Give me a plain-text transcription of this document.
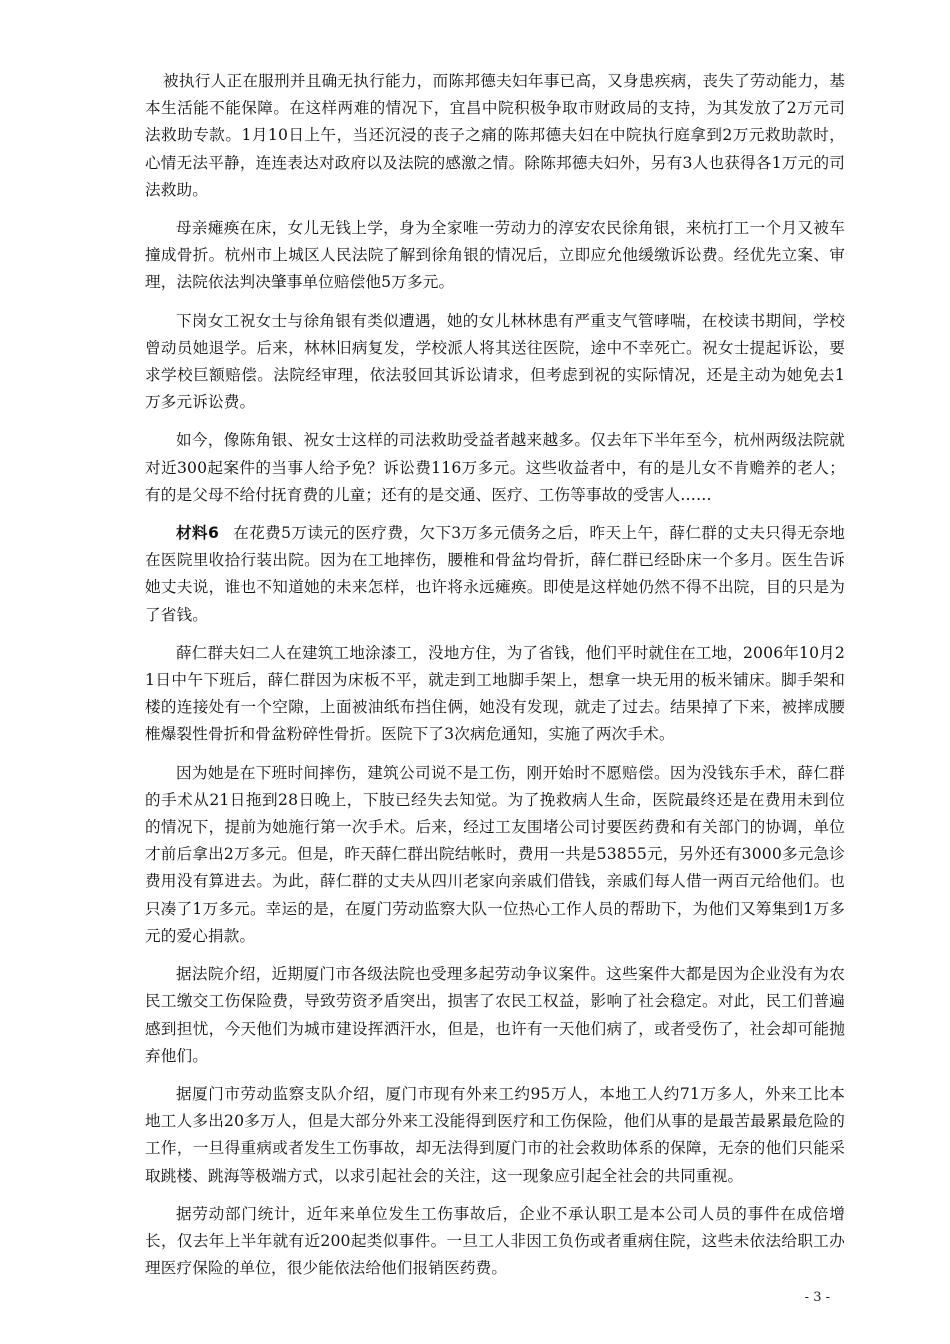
被执行人正在服刑并且确无执行能力，而陈邦德夫妇年事已高，又身患疾病，丧失了劳动能力，基本生活能不能保障。在这样两难的情况下，宜昌中院积极争取市财政局的支持，为其发放了2万元司法救助专款。1月10日上午，当还沉浸的丧子之痛的陈邦德夫妇在中院执行庭拿到2万元救助款时，心情无法平静，连连表达对政府以及法院的感激之情。除陈邦德夫妇外，另有3人也获得各1万元的司法救助。

母亲瘫痪在床，女儿无钱上学，身为全家唯一劳动力的淳安农民徐角银，来杭打工一个月又被车撞成骨折。杭州市上城区人民法院了解到徐角银的情况后，立即应允他缓缴诉讼费。经优先立案、审理，法院依法判决肇事单位赔偿他5万多元。

下岗女工祝女士与徐角银有类似遭遇，她的女儿林林患有严重支气管哮喘，在校读书期间，学校曾动员她退学。后来，林林旧病复发，学校派人将其送往医院，途中不幸死亡。祝女士提起诉讼，要求学校巨额赔偿。法院经审理，依法驳回其诉讼请求，但考虑到祝的实际情况，还是主动为她免去1万多元诉讼费。

如今，像陈角银、祝女士这样的司法救助受益者越来越多。仅去年下半年至今，杭州两级法院就对近300起案件的当事人给予免？诉讼费116万多元。这些收益者中，有的是儿女不肯赡养的老人；有的是父母不给付抚育费的儿童；还有的是交通、医疗、工伤等事故的受害人……

材料6 在花费5万读元的医疗费，欠下3万多元债务之后，昨天上午，薛仁群的丈夫只得无奈地在医院里收拾行装出院。因为在工地摔伤，腰椎和骨盆均骨折，薛仁群已经卧床一个多月。医生告诉她丈夫说，谁也不知道她的未来怎样，也许将永远瘫痪。即使是这样她仍然不得不出院，目的只是为了省钱。

薛仁群夫妇二人在建筑工地涂漆工，没地方住，为了省钱，他们平时就住在工地，2006年10月21日中午下班后，薛仁群因为床板不平，就走到工地脚手架上，想拿一块无用的板米铺床。脚手架和楼的连接处有一个空隙，上面被油纸布挡住俩，她没有发现，就走了过去。结果掉了下来，被摔成腰椎爆裂性骨折和骨盆粉碎性骨折。医院下了3次病危通知，实施了两次手术。

因为她是在下班时间摔伤，建筑公司说不是工伤，刚开始时不愿赔偿。因为没钱东手术，薛仁群的手术从21日拖到28日晚上，下肢已经失去知觉。为了挽救病人生命，医院最终还是在费用未到位的情况下，提前为她施行第一次手术。后来，经过工友围堵公司讨要医药费和有关部门的协调，单位才前后拿出2万多元。但是，昨天薛仁群出院结帐时，费用一共是53855元，另外还有3000多元急诊费用没有算进去。为此，薛仁群的丈夫从四川老家向亲戚们借钱，亲戚们每人借一两百元给他们。也只凑了1万多元。幸运的是，在厦门劳动监察大队一位热心工作人员的帮助下，为他们又筹集到1万多元的爱心捐款。

据法院介绍，近期厦门市各级法院也受理多起劳动争议案件。这些案件大都是因为企业没有为农民工缴交工伤保险费，导致劳资矛盾突出，损害了农民工权益，影响了社会稳定。对此，民工们普遍感到担忧，今天他们为城市建设挥洒汗水，但是，也许有一天他们病了，或者受伤了，社会却可能抛弃他们。

据厦门市劳动监察支队介绍，厦门市现有外来工约95万人，本地工人约71万多人，外来工比本地工人多出20多万人，但是大部分外来工没能得到医疗和工伤保险，他们从事的是最苦最累最危险的工作，一旦得重病或者发生工伤事故，却无法得到厦门市的社会救助体系的保障，无奈的他们只能采取跳楼、跳海等极端方式，以求引起社会的关注，这一现象应引起全社会的共同重视。

据劳动部门统计，近年来单位发生工伤事故后，企业不承认职工是本公司人员的事件在成倍增长，仅去年上半年就有近200起类似事件。一旦工人非因工负伤或者重病住院，这些未依法给职工办理医疗保险的单位，很少能依法给他们报销医药费。

- 3 -
